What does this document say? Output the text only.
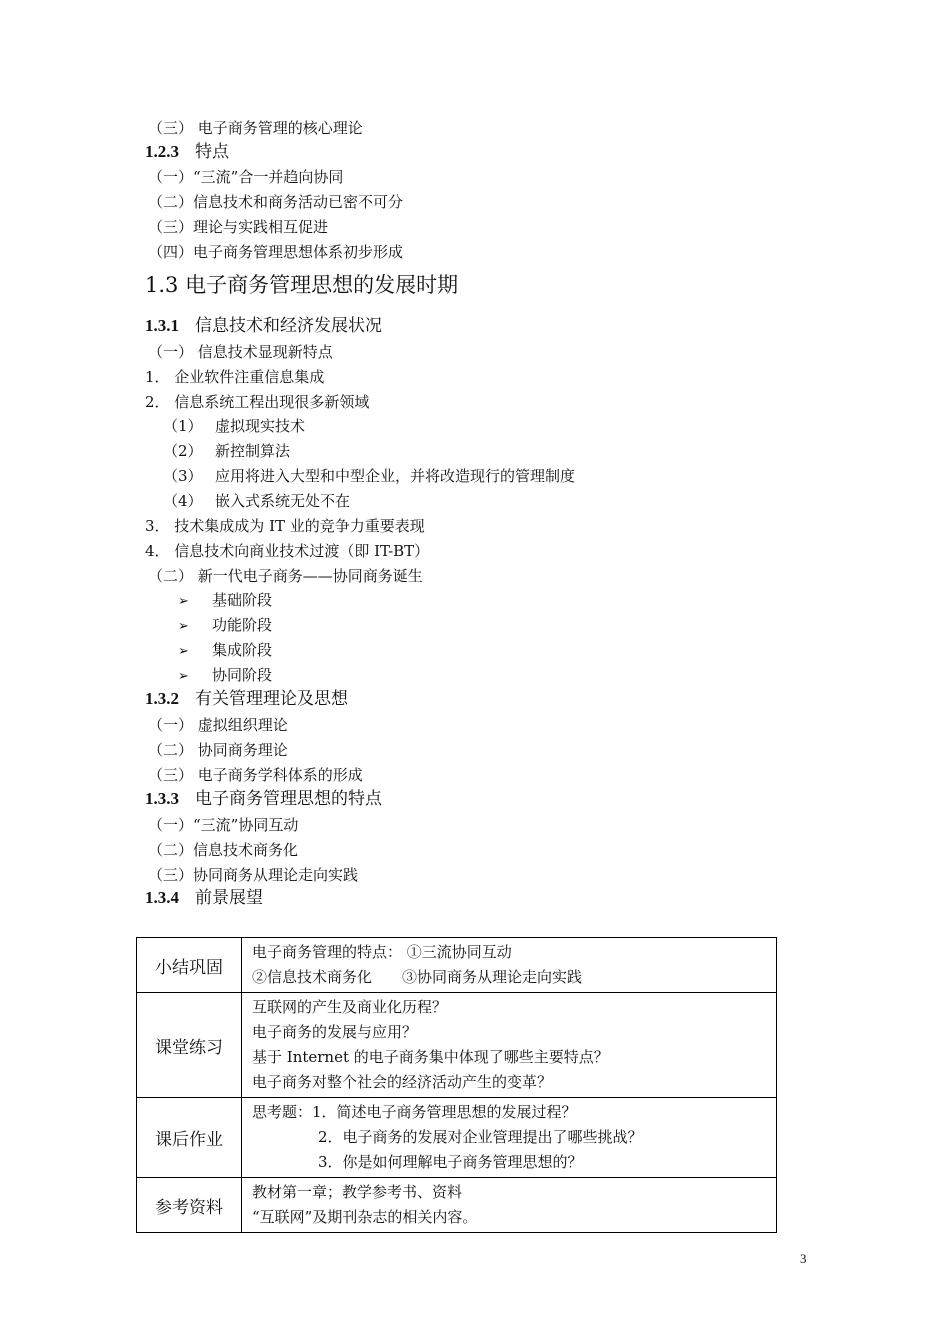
（三） 电子商务管理的核心理论
1.2.3 特点
（一）“三流”合一并趋向协同
（二）信息技术和商务活动已密不可分
（三）理论与实践相互促进
（四）电子商务管理思想体系初步形成
1.3 电子商务管理思想的发展时期
1.3.1 信息技术和经济发展状况
（一） 信息技术显现新特点
1． 企业软件注重信息集成
2． 信息系统工程出现很多新领域
（1） 虚拟现实技术
（2） 新控制算法
（3） 应用将进入大型和中型企业，并将改造现行的管理制度
（4） 嵌入式系统无处不在
3． 技术集成成为 IT 业的竞争力重要表现
4． 信息技术向商业技术过渡（即 IT-BT）
（二） 新一代电子商务——协同商务诞生
➢ 基础阶段
➢ 功能阶段
➢ 集成阶段
➢ 协同阶段
1.3.2 有关管理理论及思想
（一） 虚拟组织理论
（二） 协同商务理论
（三） 电子商务学科体系的形成
1.3.3 电子商务管理思想的特点
（一）“三流”协同互动
（二）信息技术商务化
（三）协同商务从理论走向实践
1.3.4 前景展望
小结巩固	电子商务管理的特点： ①三流协同互动
②信息技术商务化　　③协同商务从理论走向实践

课堂练习	互联网的产生及商业化历程？
电子商务的发展与应用？
基于 Internet 的电子商务集中体现了哪些主要特点？
电子商务对整个社会的经济活动产生的变革？

课后作业	思考题：1．简述电子商务管理思想的发展过程？
2．电子商务的发展对企业管理提出了哪些挑战？
3．你是如何理解电子商务管理思想的？

参考资料	教材第一章；教学参考书、资料
“互联网”及期刊杂志的相关内容。
3
